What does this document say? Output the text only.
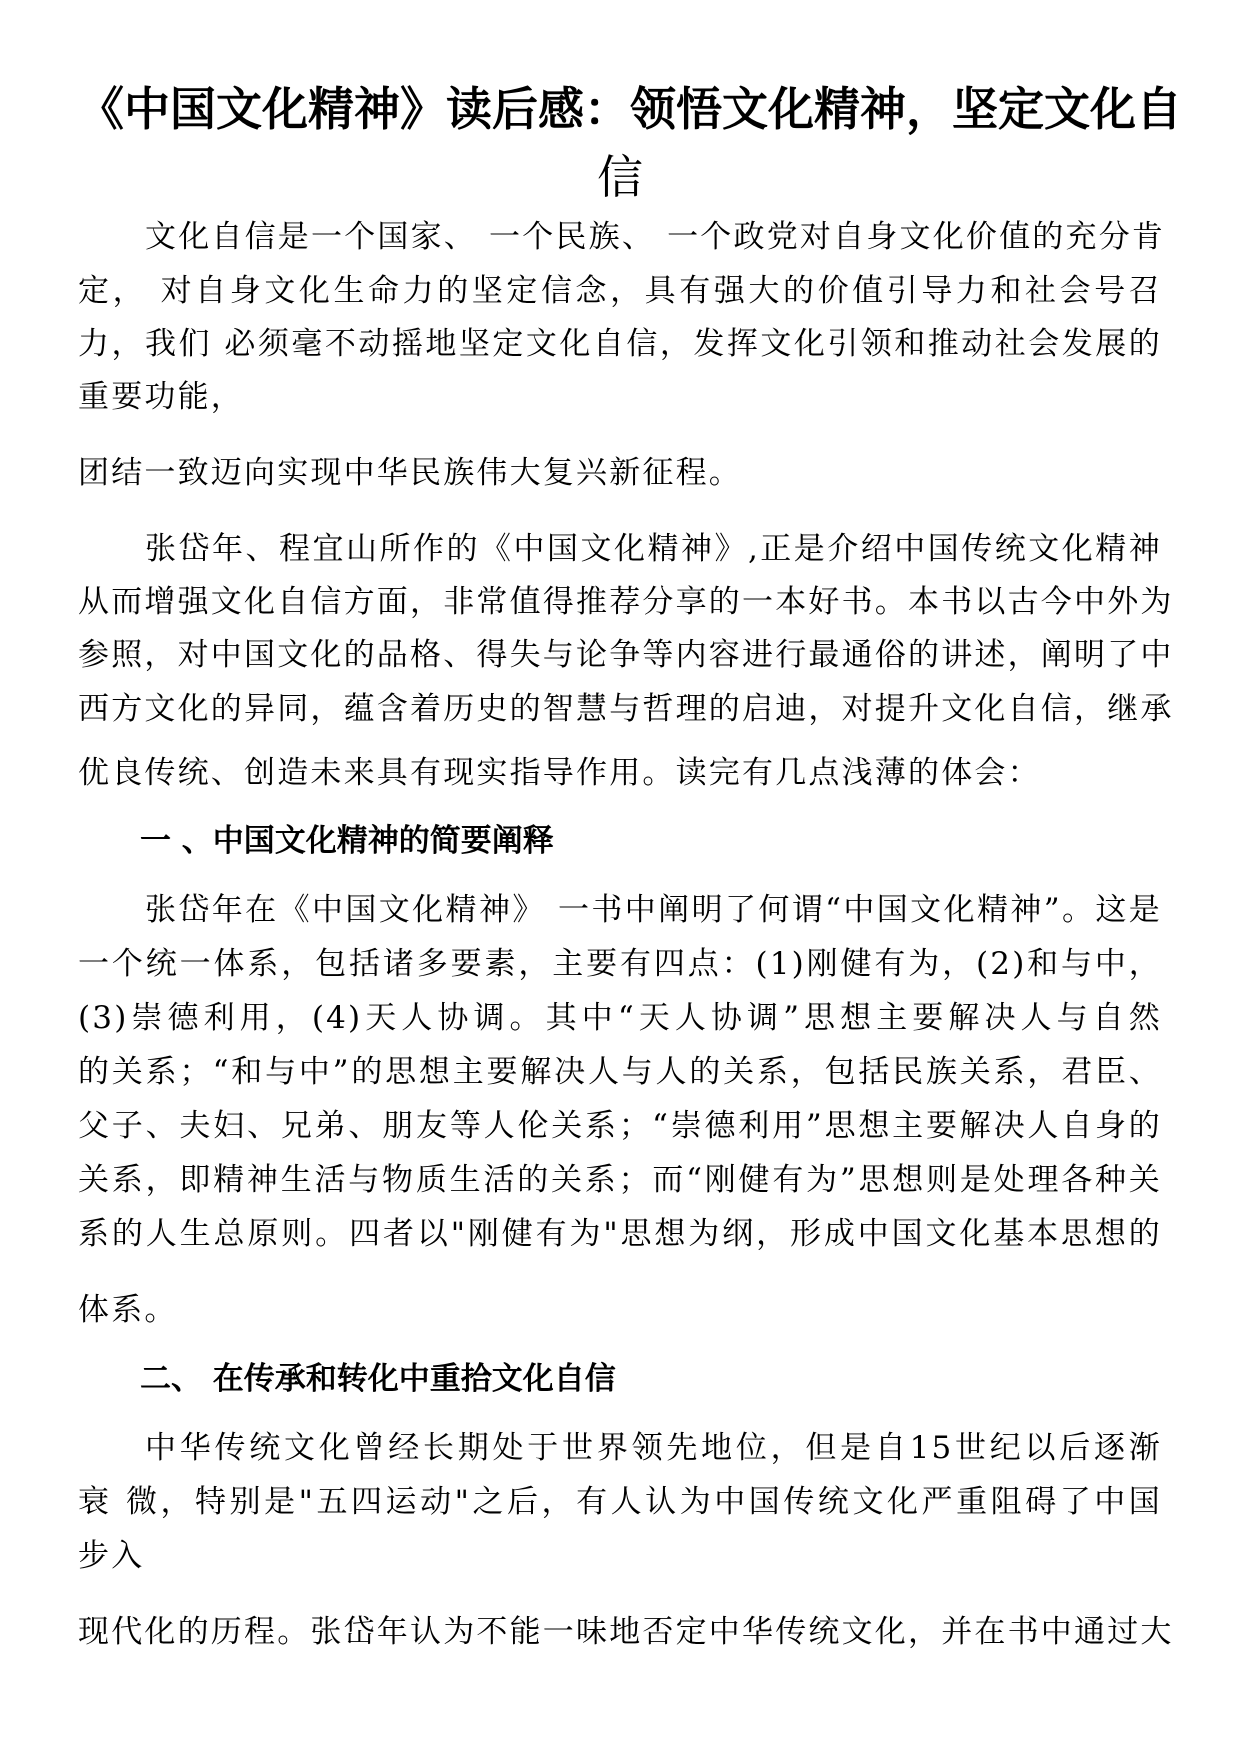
《中国文化精神》读后感：领悟文化精神，坚定文化自
信

文化自信是一个国家、 一个民族、 一个政党对自身文化价值的充分肯

定， 对自身文化生命力的坚定信念，具有强大的价值引导力和社会号召

力，我们 必须毫不动摇地坚定文化自信，发挥文化引领和推动社会发展的

重要功能，

团结一致迈向实现中华民族伟大复兴新征程。

张岱年、程宜山所作的《中国文化精神》,正是介绍中国传统文化精神

从而增强文化自信方面，非常值得推荐分享的一本好书。本书以古今中外为

参照，对中国文化的品格、得失与论争等内容进行最通俗的讲述，阐明了中

西方文化的异同，蕴含着历史的智慧与哲理的启迪，对提升文化自信，继承

优良传统、创造未来具有现实指导作用。读完有几点浅薄的体会：

一 、中国文化精神的简要阐释

张岱年在《中国文化精神》 一书中阐明了何谓“中国文化精神”。这是

一个统一体系，包括诸多要素，主要有四点：(1)刚健有为，(2)和与中，

(3)崇德利用，(4)天人协调。其中“天人协调”思想主要解决人与自然

的关系；“和与中”的思想主要解决人与人的关系，包括民族关系，君臣、

父子、夫妇、兄弟、朋友等人伦关系；“崇德利用”思想主要解决人自身的

关系，即精神生活与物质生活的关系；而“刚健有为”思想则是处理各种关

系的人生总原则。四者以"刚健有为"思想为纲，形成中国文化基本思想的

体系。

二、 在传承和转化中重拾文化自信

中华传统文化曾经长期处于世界领先地位，但是自15世纪以后逐渐

衰 微，特别是"五四运动"之后，有人认为中国传统文化严重阻碍了中国

步入

现代化的历程。张岱年认为不能一味地否定中华传统文化，并在书中通过大
